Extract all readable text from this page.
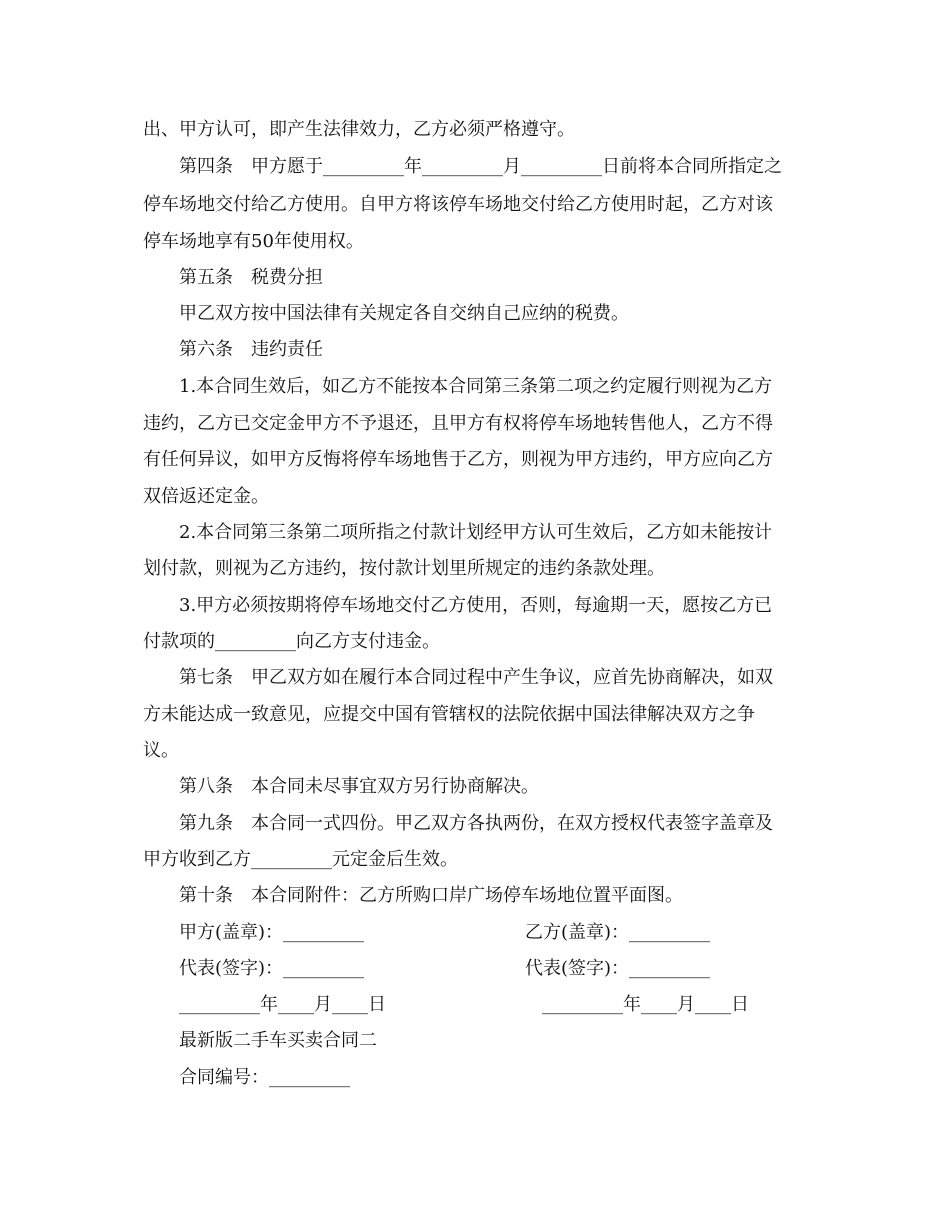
出、甲方认可，即产生法律效力，乙方必须严格遵守。
第四条　甲方愿于_________年_________月_________日前将本合同所指定之
停车场地交付给乙方使用。自甲方将该停车场地交付给乙方使用时起，乙方对该
停车场地享有50年使用权。
第五条　税费分担
甲乙双方按中国法律有关规定各自交纳自己应纳的税费。
第六条　违约责任
1.本合同生效后，如乙方不能按本合同第三条第二项之约定履行则视为乙方
违约，乙方已交定金甲方不予退还，且甲方有权将停车场地转售他人，乙方不得
有任何异议，如甲方反悔将停车场地售于乙方，则视为甲方违约，甲方应向乙方
双倍返还定金。
2.本合同第三条第二项所指之付款计划经甲方认可生效后，乙方如未能按计
划付款，则视为乙方违约，按付款计划里所规定的违约条款处理。
3.甲方必须按期将停车场地交付乙方使用，否则，每逾期一天，愿按乙方已
付款项的_________向乙方支付违金。
第七条　甲乙双方如在履行本合同过程中产生争议，应首先协商解决，如双
方未能达成一致意见，应提交中国有管辖权的法院依据中国法律解决双方之争
议。
第八条　本合同未尽事宜双方另行协商解决。
第九条　本合同一式四份。甲乙双方各执两份，在双方授权代表签字盖章及
甲方收到乙方_________元定金后生效。
第十条　本合同附件：乙方所购口岸广场停车场地位置平面图。
甲方(盖章)：_________	乙方(盖章)：_________
代表(签字)：_________	代表(签字)：_________
_________年____月____日	_________年____月____日
最新版二手车买卖合同二
合同编号：_________
